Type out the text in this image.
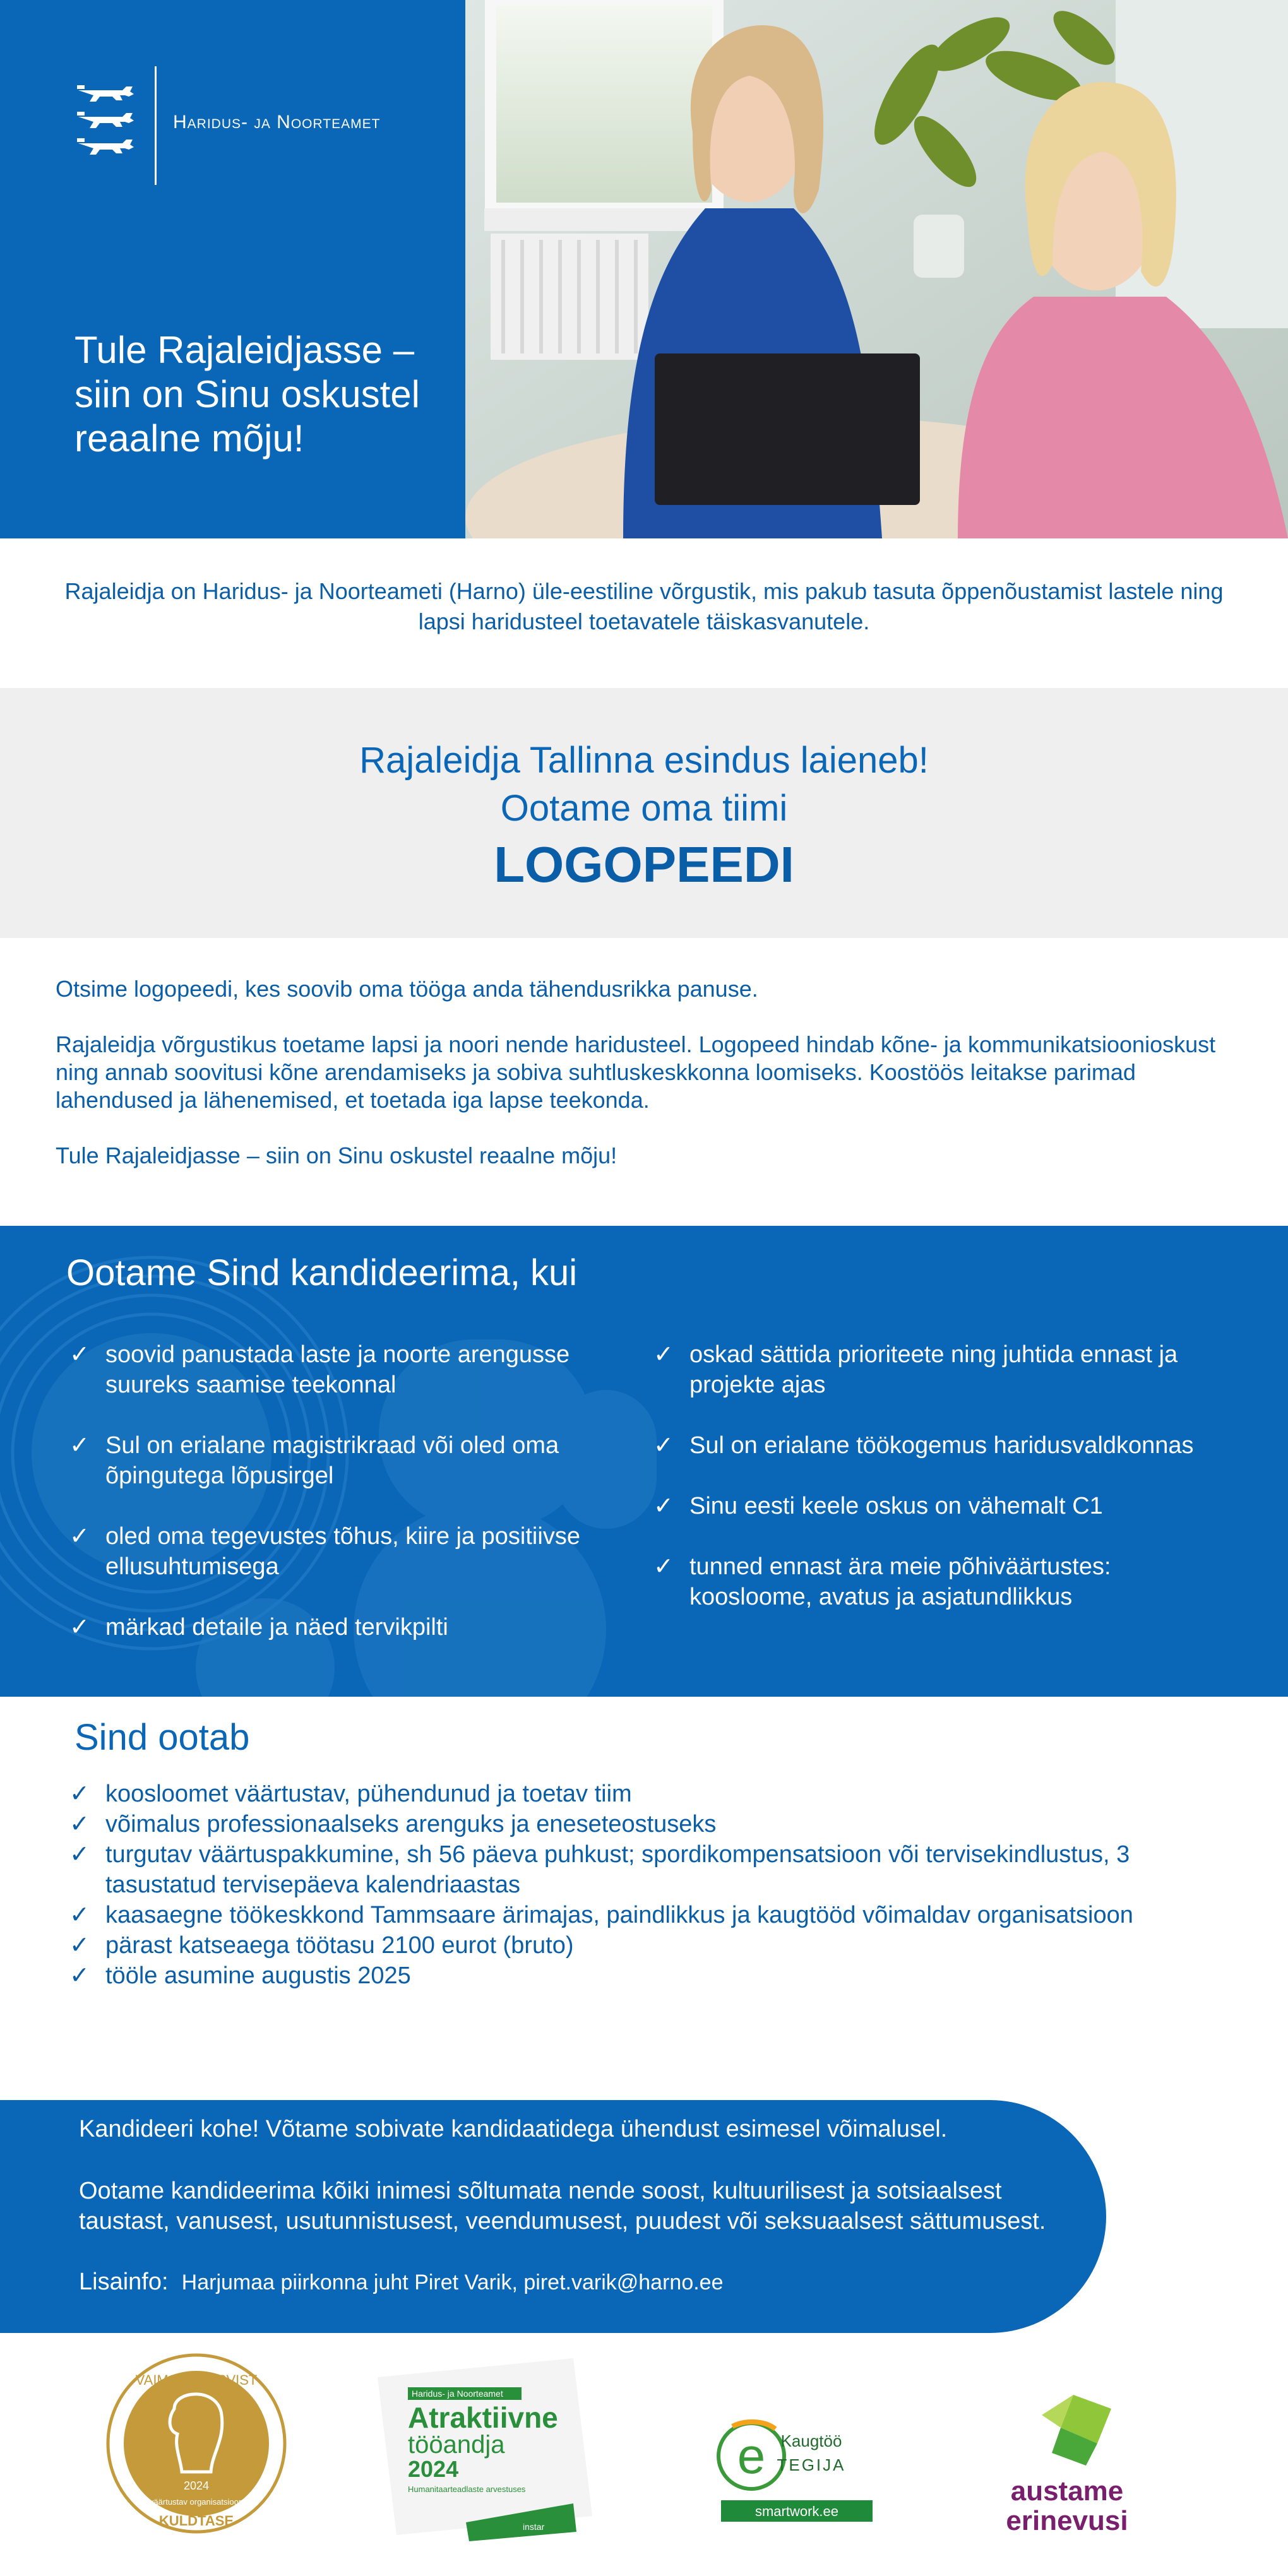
Haridus- ja Noorteamet
Tule Rajaleidjasse – siin on Sinu oskustel reaalne mõju!
Rajaleidja on Haridus- ja Noorteameti (Harno) üle-eestiline võrgustik, mis pakub tasuta õppenõustamist lastele ning lapsi haridusteel toetavatele täiskasvanutele.
Rajaleidja Tallinna esindus laieneb!
Ootame oma tiimi
LOGOPEEDI

Otsime logopeedi, kes soovib oma tööga anda tähendusrikka panuse.

Rajaleidja võrgustikus toetame lapsi ja noori nende haridusteel. Logopeed hindab kõne- ja kommunikatsioonioskust ning annab soovitusi kõne arendamiseks ja sobiva suhtluskeskkonna loomiseks. Koostöös leitakse parimad lahendused ja lähenemised, et toetada iga lapse teekonda.

Tule Rajaleidjasse – siin on Sinu oskustel reaalne mõju!

Ootame Sind kandideerima, kui
✓ soovid panustada laste ja noorte arengusse suureks saamise teekonnal
✓ Sul on erialane magistrikraad või oled oma õpingutega lõpusirgel
✓ oled oma tegevustes tõhus, kiire ja positiivse ellusuhtumisega
✓ märkad detaile ja näed tervikpilti
✓ oskad sättida prioriteete ning juhtida ennast ja projekte ajas
✓ Sul on erialane töökogemus haridusvaldkonnas
✓ Sinu eesti keele oskus on vähemalt C1
✓ tunned ennast ära meie põhiväärtustes: koosloome, avatus ja asjatundlikkus
Sind ootab
✓ koosloomet väärtustav, pühendunud ja toetav tiim
✓ võimalus professionaalseks arenguks ja eneseteostuseks
✓ turgutav väärtuspakkumine, sh 56 päeva puhkust; spordikompensatsioon või tervisekindlustus, 3 tasustatud tervisepäeva kalendriaastas
✓ kaasaegne töökeskkond Tammsaare ärimajas, paindlikkus ja kaugtööd võimaldav organisatsioon
✓ pärast katseaega töötasu 2100 eurot (bruto)
✓ tööle asumine augustis 2025
Kandideeri kohe! Võtame sobivate kandidaatidega ühendust esimesel võimalusel.
Ootame kandideerima kõiki inimesi sõltumata nende soost, kultuurilisest ja sotsiaalsest taustast, vanusest, usutunnistusest, veendumusest, puudest või seksuaalsest sättumusest.
Lisainfo: Harjumaa piirkonna juht Piret Varik, piret.varik@harno.ee
VAIMSET TERVIST
2024
väärtustav organisatsioon
KULDTASE
Haridus- ja Noorteamet
Atraktiivne
tööandja
2024
Humanitaarteadlaste arvestuses
instar
e Kaugtöö
TEGIJA
smartwork.ee
austame
erinevusi
